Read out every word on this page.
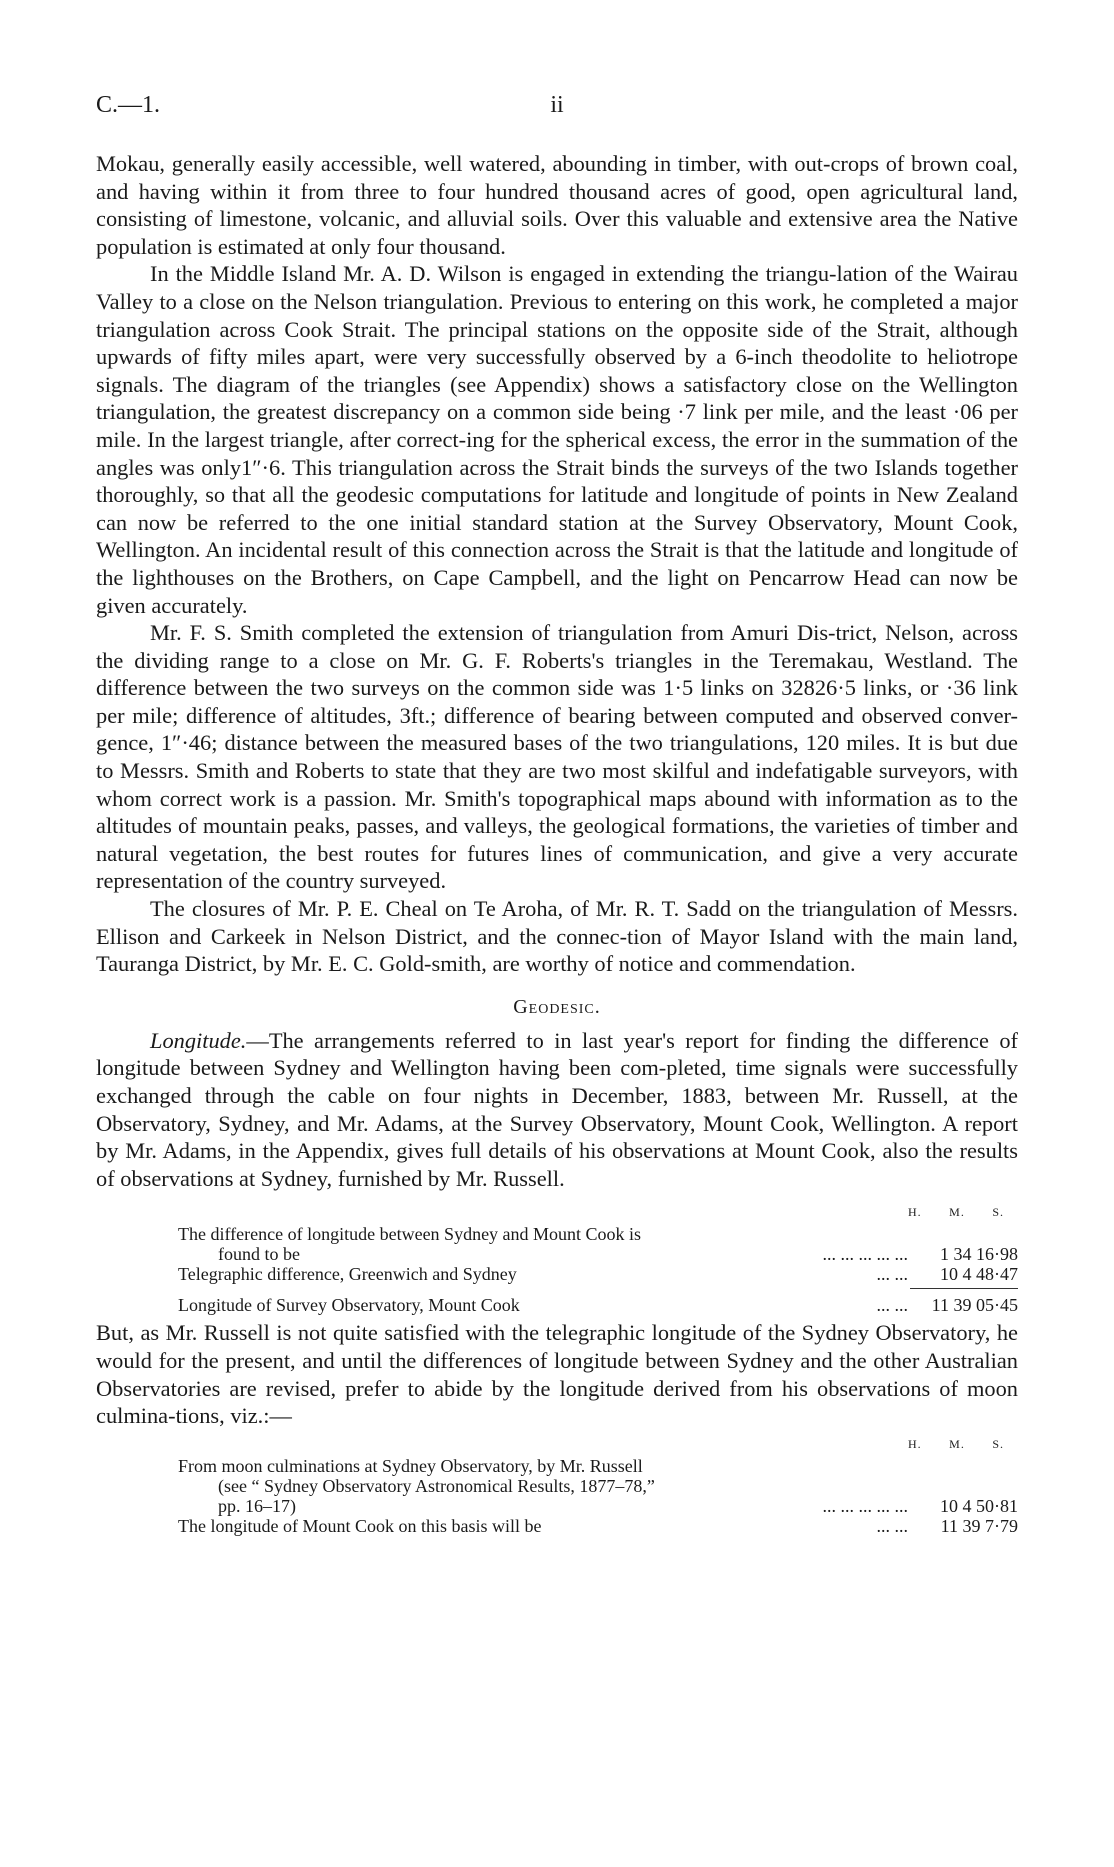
C.—1.	ii

Mokau, generally easily accessible, well watered, abounding in timber, with out-crops of brown coal, and having within it from three to four hundred thousand acres of good, open agricultural land, consisting of limestone, volcanic, and alluvial soils. Over this valuable and extensive area the Native population is estimated at only four thousand.

In the Middle Island Mr. A. D. Wilson is engaged in extending the triangu-lation of the Wairau Valley to a close on the Nelson triangulation. Previous to entering on this work, he completed a major triangulation across Cook Strait. The principal stations on the opposite side of the Strait, although upwards of fifty miles apart, were very successfully observed by a 6-inch theodolite to heliotrope signals. The diagram of the triangles (see Appendix) shows a satisfactory close on the Wellington triangulation, the greatest discrepancy on a common side being ·7 link per mile, and the least ·06 per mile. In the largest triangle, after correct-ing for the spherical excess, the error in the summation of the angles was only1″·6. This triangulation across the Strait binds the surveys of the two Islands together thoroughly, so that all the geodesic computations for latitude and longitude of points in New Zealand can now be referred to the one initial standard station at the Survey Observatory, Mount Cook, Wellington. An incidental result of this connection across the Strait is that the latitude and longitude of the lighthouses on the Brothers, on Cape Campbell, and the light on Pencarrow Head can now be given accurately.

Mr. F. S. Smith completed the extension of triangulation from Amuri Dis-trict, Nelson, across the dividing range to a close on Mr. G. F. Roberts's triangles in the Teremakau, Westland. The difference between the two surveys on the common side was 1·5 links on 32826·5 links, or ·36 link per mile; difference of altitudes, 3ft.; difference of bearing between computed and observed conver-gence, 1″·46; distance between the measured bases of the two triangulations, 120 miles. It is but due to Messrs. Smith and Roberts to state that they are two most skilful and indefatigable surveyors, with whom correct work is a passion. Mr. Smith's topographical maps abound with information as to the altitudes of mountain peaks, passes, and valleys, the geological formations, the varieties of timber and natural vegetation, the best routes for futures lines of communication, and give a very accurate representation of the country surveyed.

The closures of Mr. P. E. Cheal on Te Aroha, of Mr. R. T. Sadd on the triangulation of Messrs. Ellison and Carkeek in Nelson District, and the connec-tion of Mayor Island with the main land, Tauranga District, by Mr. E. C. Gold-smith, are worthy of notice and commendation.

Geodesic.

Longitude.—The arrangements referred to in last year's report for finding the difference of longitude between Sydney and Wellington having been com-pleted, time signals were successfully exchanged through the cable on four nights in December, 1883, between Mr. Russell, at the Observatory, Sydney, and Mr. Adams, at the Survey Observatory, Mount Cook, Wellington. A report by Mr. Adams, in the Appendix, gives full details of his observations at Mount Cook, also the results of observations at Sydney, furnished by Mr. Russell.

H. M. S.
The difference of longitude between Sydney and Mount Cook is
found to be	... ... ... ... ...	1 34 16·98
Telegraphic difference, Greenwich and Sydney	... ...	10 4 48·47
Longitude of Survey Observatory, Mount Cook	... ...	11 39 05·45

But, as Mr. Russell is not quite satisfied with the telegraphic longitude of the Sydney Observatory, he would for the present, and until the differences of longitude between Sydney and the other Australian Observatories are revised, prefer to abide by the longitude derived from his observations of moon culmina-tions, viz.:—

H. M. S.
From moon culminations at Sydney Observatory, by Mr. Russell
(see “ Sydney Observatory Astronomical Results, 1877–78,”
pp. 16–17)	... ... ... ... ...	10 4 50·81
The longitude of Mount Cook on this basis will be	... ...	11 39 7·79
